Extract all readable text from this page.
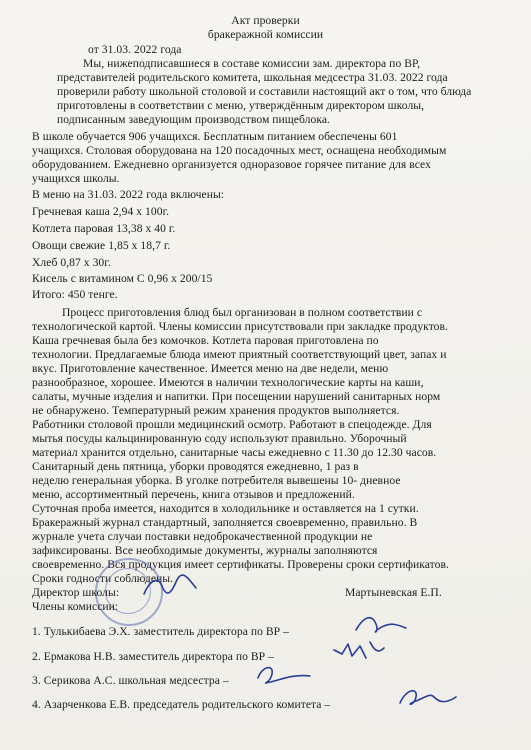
Акт проверки
бракеражной комиссии
от 31.03. 2022 года
Мы, нижеподписавшиеся в составе комиссии зам. директора по ВР,
представителей родительского комитета, школьная медсестра 31.03. 2022 года
проверили работу школьной столовой и составили настоящий акт о том, что блюда
приготовлены в соответствии с меню, утверждённым директором школы,
подписанным заведующим производством пищеблока.
В школе обучается 906 учащихся. Бесплатным питанием обеспечены 601
учащихся. Столовая оборудована на 120 посадочных мест, оснащена необходимым
оборудованием. Ежедневно организуется одноразовое горячее питание для всех
учащихся школы.
В меню на 31.03. 2022 года включены:
Гречневая каша 2,94 х 100г.
Котлета паровая 13,38 х 40 г.
Овощи свежие 1,85 х 18,7 г.
Хлеб 0,87 х 30г.
Кисель с витамином С 0,96 х 200/15
Итого: 450 тенге.
Процесс приготовления блюд был организован в полном соответствии с
технологической картой. Члены комиссии присутствовали при закладке продуктов.
Каша гречневая была без комочков. Котлета паровая приготовлена по
технологии. Предлагаемые блюда имеют приятный соответствующий цвет, запах и
вкус. Приготовление качественное. Имеется меню на две недели, меню
разнообразное, хорошее. Имеются в наличии технологические карты на каши,
салаты, мучные изделия и напитки. При посещении нарушений санитарных норм
не обнаружено. Температурный режим хранения продуктов выполняется.
Работники столовой прошли медицинский осмотр. Работают в спецодежде. Для
мытья посуды кальцинированную соду используют правильно. Уборочный
материал хранится отдельно, санитарные часы ежедневно с 11.30 до 12.30 часов.
Санитарный день пятница, уборки проводятся ежедневно, 1 раз в
неделю генеральная уборка. В уголке потребителя вывешены 10- дневное
меню, ассортиментный перечень, книга отзывов и предложений.
Суточная проба имеется, находится в холодильнике и оставляется на 1 сутки.
Бракеражный журнал стандартный, заполняется своевременно, правильно. В
журнале учета случаи поставки недоброкачественной продукции не
зафиксированы. Все необходимые документы, журналы заполняются
своевременно. Вся продукция имеет сертификаты. Проверены сроки сертификатов.
Сроки годности соблюдены.
Директор школы:	Мартыневская Е.П.
Члены комиссии:
1. Тулькибаева Э.Х. заместитель директора по ВР –
2. Ермакова Н.В. заместитель директора по ВР –
3. Серикова А.С. школьная медсестра –
4. Азарченкова Е.В. председатель родительского комитета –
